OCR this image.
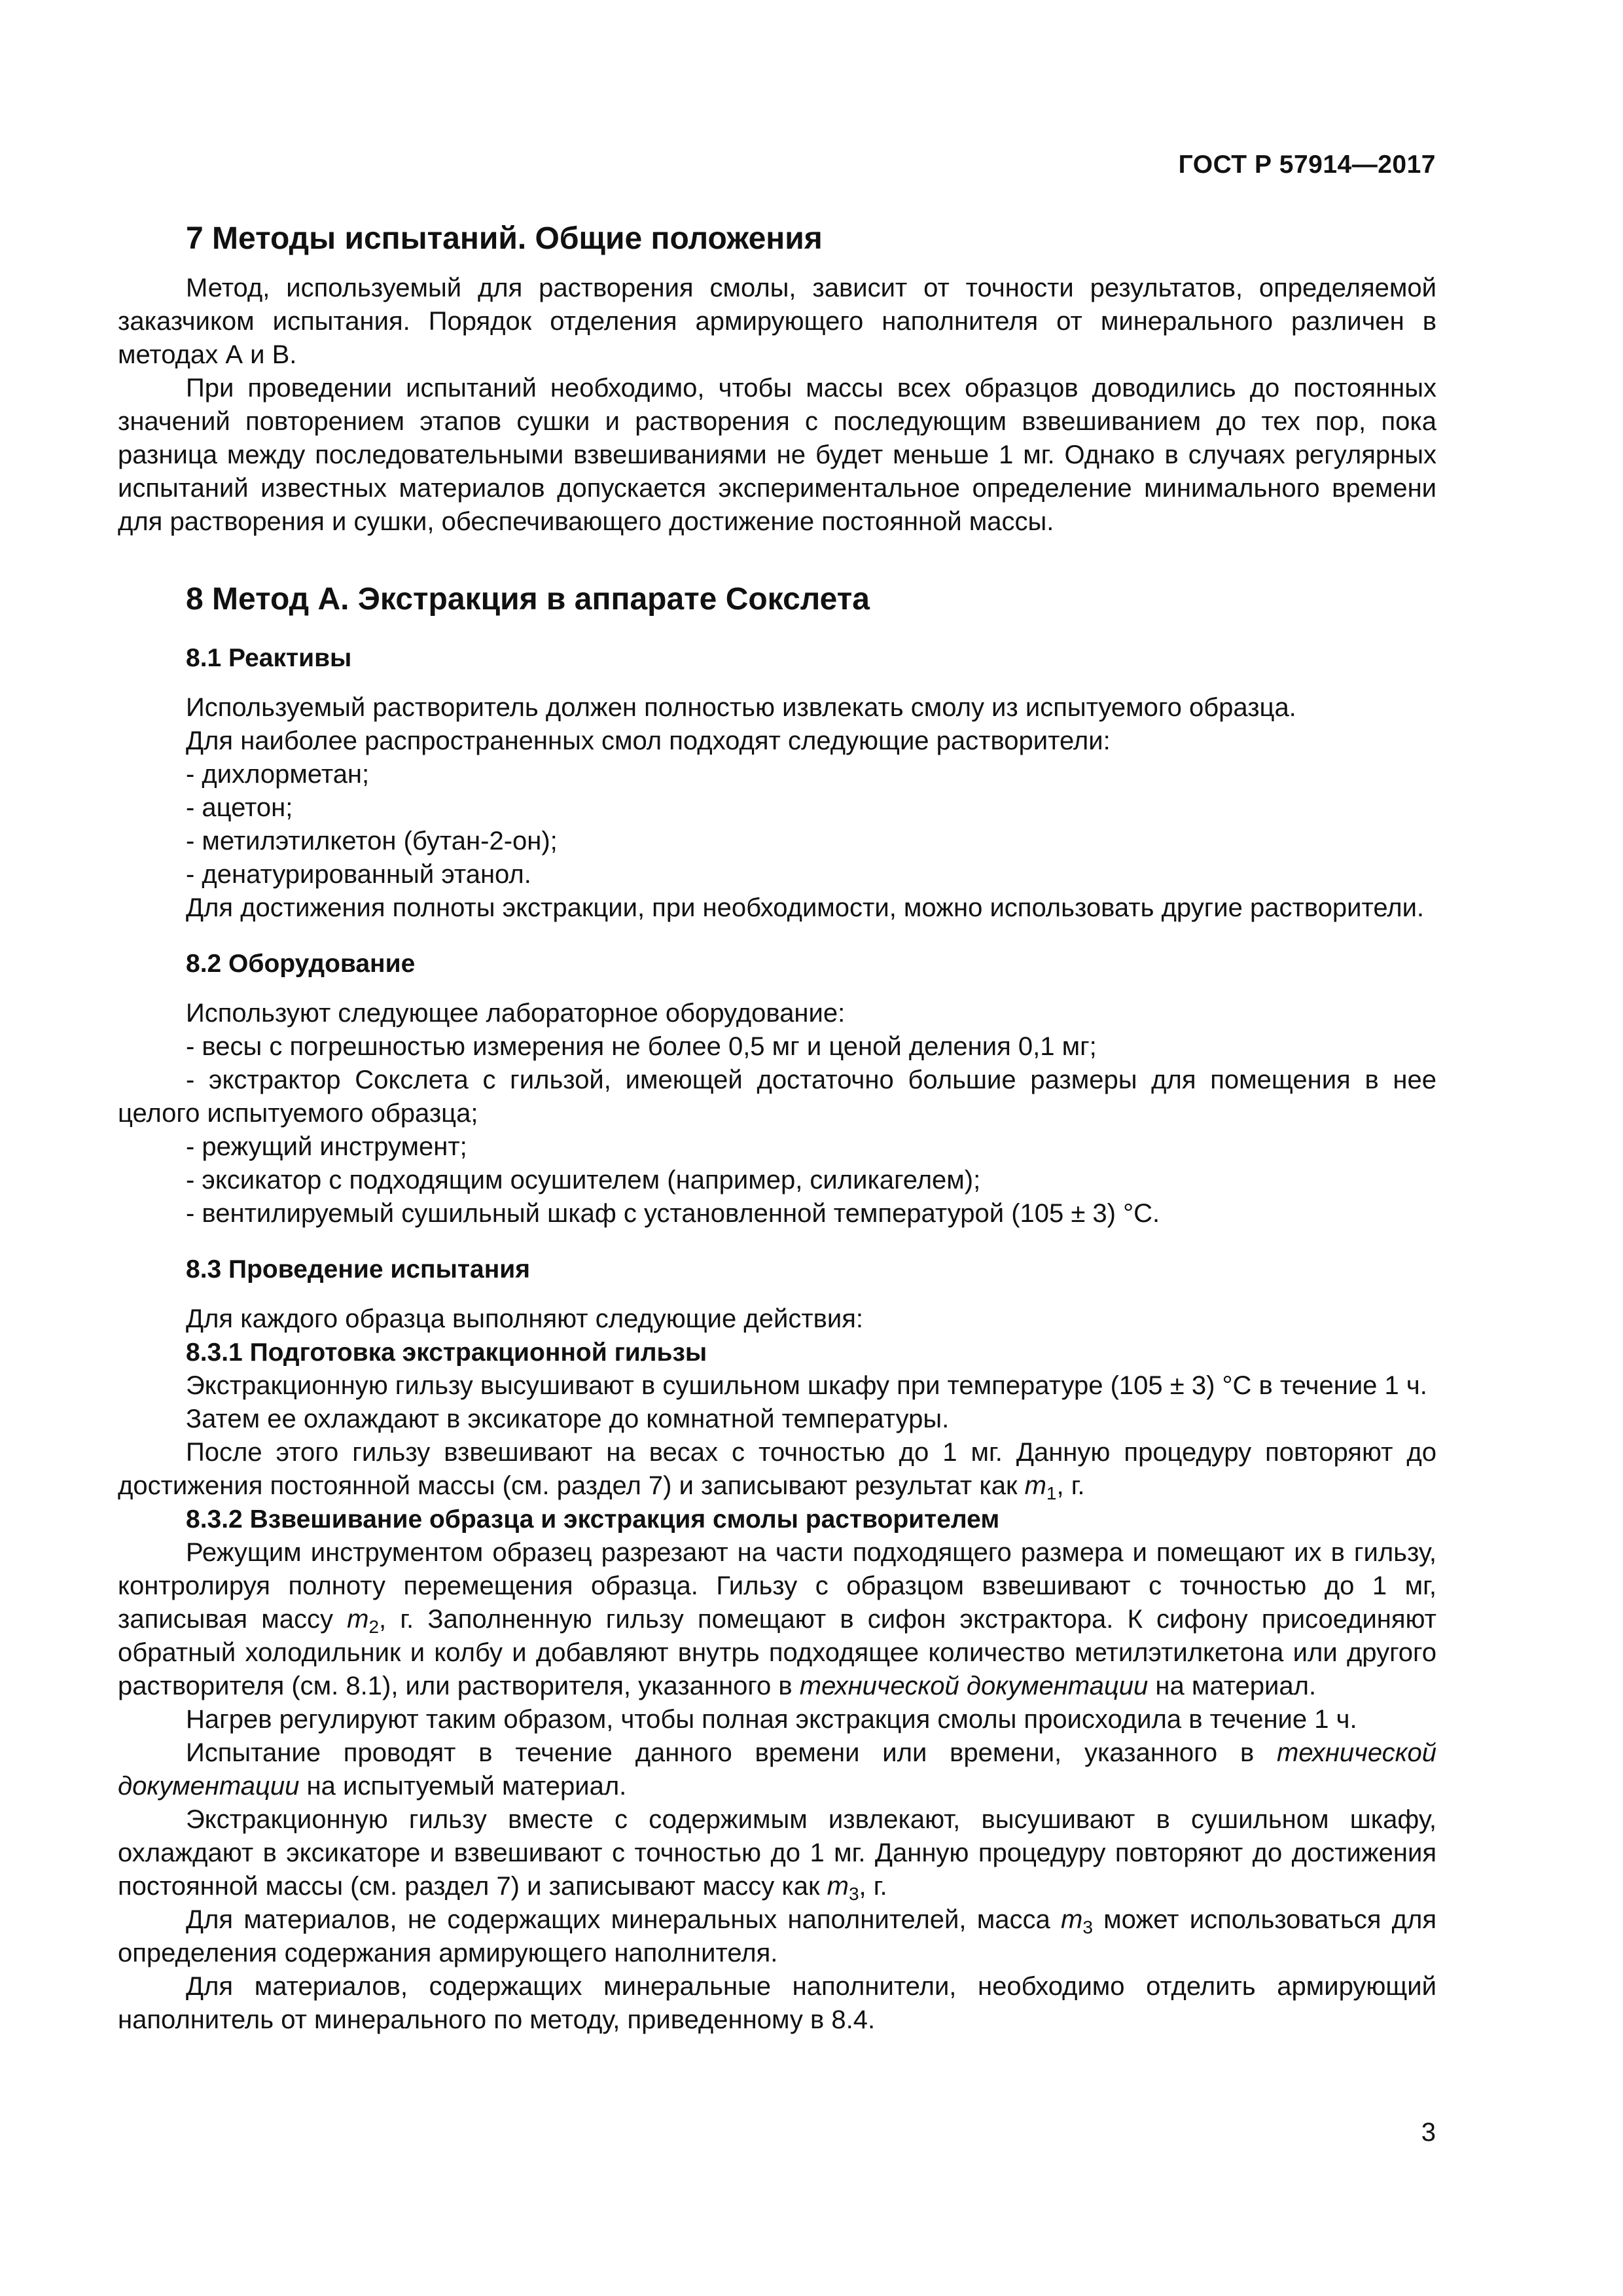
ГОСТ Р 57914—2017
7 Методы испытаний. Общие положения

Метод, используемый для растворения смолы, зависит от точности результатов, определяемой заказчиком испытания. Порядок отделения армирующего наполнителя от минерального различен в методах А и В.

При проведении испытаний необходимо, чтобы массы всех образцов доводились до постоянных значений повторением этапов сушки и растворения с последующим взвешиванием до тех пор, пока разница между последовательными взвешиваниями не будет меньше 1 мг. Однако в случаях регулярных испытаний известных материалов допускается экспериментальное определение минимального времени для растворения и сушки, обеспечивающего достижение постоянной массы.

8 Метод А. Экстракция в аппарате Сокслета
8.1 Реактивы

Используемый растворитель должен полностью извлекать смолу из испытуемого образца.

Для наиболее распространенных смол подходят следующие растворители:

- дихлорметан;
- ацетон;
- метилэтилкетон (бутан-2-он);
- денатурированный этанол.

Для достижения полноты экстракции, при необходимости, можно использовать другие растворители.

8.2 Оборудование

Используют следующее лабораторное оборудование:

- весы с погрешностью измерения не более 0,5 мг и ценой деления 0,1 мг;
- экстрактор Сокслета с гильзой, имеющей достаточно большие размеры для помещения в нее целого испытуемого образца;
- режущий инструмент;
- эксикатор с подходящим осушителем (например, силикагелем);
- вентилируемый сушильный шкаф с установленной температурой (105 ± 3) °С.
8.3 Проведение испытания

Для каждого образца выполняют следующие действия:

8.3.1 Подготовка экстракционной гильзы

Экстракционную гильзу высушивают в сушильном шкафу при температуре (105 ± 3) °С в течение 1 ч.

Затем ее охлаждают в эксикаторе до комнатной температуры.

После этого гильзу взвешивают на весах с точностью до 1 мг. Данную процедуру повторяют до достижения постоянной массы (см. раздел 7) и записывают результат как $m_1$, г.

8.3.2 Взвешивание образца и экстракция смолы растворителем

Режущим инструментом образец разрезают на части подходящего размера и помещают их в гильзу, контролируя полноту перемещения образца. Гильзу с образцом взвешивают с точностью до 1 мг, записывая массу $m_2$, г. Заполненную гильзу помещают в сифон экстрактора. К сифону присоединяют обратный холодильник и колбу и добавляют внутрь подходящее количество метилэтилкетона или другого растворителя (см. 8.1), или растворителя, указанного в технической документации на материал.

Нагрев регулируют таким образом, чтобы полная экстракция смолы происходила в течение 1 ч.

Испытание проводят в течение данного времени или времени, указанного в технической документации на испытуемый материал.

Экстракционную гильзу вместе с содержимым извлекают, высушивают в сушильном шкафу, охлаждают в эксикаторе и взвешивают с точностью до 1 мг. Данную процедуру повторяют до достижения постоянной массы (см. раздел 7) и записывают массу как $m_3$, г.

Для материалов, не содержащих минеральных наполнителей, масса $m_3$ может использоваться для определения содержания армирующего наполнителя.

Для материалов, содержащих минеральные наполнители, необходимо отделить армирующий наполнитель от минерального по методу, приведенному в 8.4.

3
